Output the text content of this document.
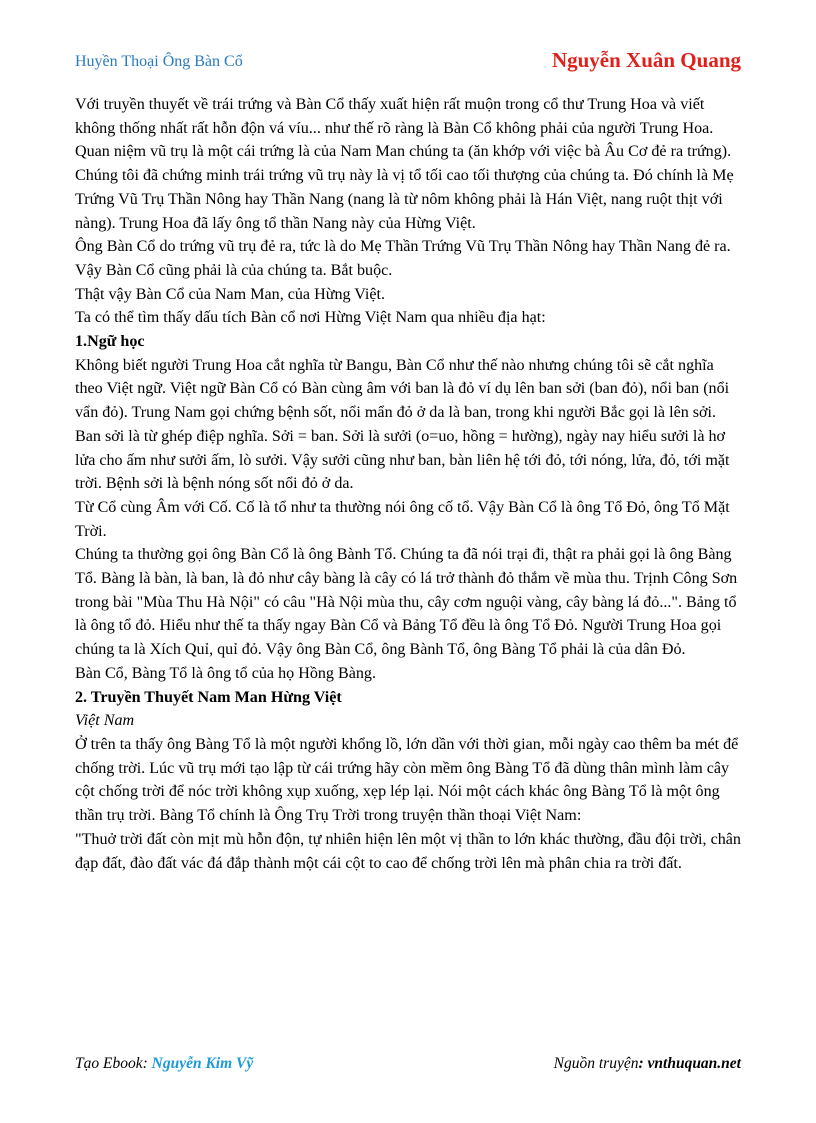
Huyền Thoại Ông Bàn Cổ	Nguyễn Xuân Quang

Với truyền thuyết về trái trứng và Bàn Cổ thấy xuất hiện rất muộn trong cổ thư Trung Hoa và viết không thống nhất rất hỗn độn vá víu... như thế rõ ràng là Bàn Cổ không phải của người Trung Hoa. Quan niệm vũ trụ là một cái trứng là của Nam Man chúng ta (ăn khớp với việc bà Âu Cơ đẻ ra trứng). Chúng tôi đã chứng minh trái trứng vũ trụ này là vị tổ tối cao tối thượng của chúng ta. Đó chính là Mẹ Trứng Vũ Trụ Thần Nông hay Thần Nang (nang là từ nôm không phải là Hán Việt, nang ruột thịt với nàng). Trung Hoa đã lấy ông tổ thần Nang này của Hừng Việt.

Ông Bàn Cổ do trứng vũ trụ đẻ ra, tức là do Mẹ Thần Trứng Vũ Trụ Thần Nông hay Thần Nang đẻ ra. Vậy Bàn Cổ cũng phải là của chúng ta. Bắt buộc.

Thật vậy Bàn Cổ của Nam Man, của Hừng Việt.

Ta có thể tìm thấy dấu tích Bàn cổ nơi Hừng Việt Nam qua nhiều địa hạt:

1.Ngữ học

Không biết người Trung Hoa cắt nghĩa từ Bangu, Bàn Cổ như thế nào nhưng chúng tôi sẽ cắt nghĩa theo Việt ngữ. Việt ngữ Bàn Cổ có Bàn cùng âm với ban là đỏ ví dụ lên ban sởi (ban đỏ), nổi ban (nổi vẩn đỏ). Trung Nam gọi chứng bệnh sốt, nổi mẩn đỏ ở da là ban, trong khi người Bắc gọi là lên sởi. Ban sởi là từ ghép điệp nghĩa. Sởi = ban. Sởi là sưởi (o=uo, hồng = hường), ngày nay hiểu sưởi là hơ lửa cho ấm như sưởi ấm, lò sưởi. Vậy sưởi cũng như ban, bàn liên hệ tới đỏ, tới nóng, lửa, đỏ, tới mặt trời. Bệnh sởi là bệnh nóng sốt nổi đỏ ở da.

Từ Cổ cùng Âm với Cố. Cố là tổ như ta thường nói ông cố tổ. Vậy Bàn Cổ là ông Tổ Đỏ, ông Tổ Mặt Trời.

Chúng ta thường gọi ông Bàn Cổ là ông Bành Tổ. Chúng ta đã nói trại đi, thật ra phải gọi là ông Bàng Tổ. Bàng là bàn, là ban, là đỏ như cây bàng là cây có lá trở thành đỏ thắm về mùa thu. Trịnh Công Sơn trong bài "Mùa Thu Hà Nội" có câu "Hà Nội mùa thu, cây cơm nguội vàng, cây bàng lá đỏ...". Bảng tổ là ông tổ đỏ. Hiểu như thế ta thấy ngay Bàn Cổ và Bảng Tổ đều là ông Tổ Đỏ. Người Trung Hoa gọi chúng ta là Xích Quỉ, quỉ đỏ. Vậy ông Bàn Cổ, ông Bành Tổ, ông Bàng Tổ phải là của dân Đỏ.

Bàn Cổ, Bàng Tổ là ông tổ của họ Hồng Bàng.

2. Truyền Thuyết Nam Man Hừng Việt

Việt Nam

Ở trên ta thấy ông Bàng Tổ là một người khổng lồ, lớn dần với thời gian, mỗi ngày cao thêm ba mét để chống trời. Lúc vũ trụ mới tạo lập từ cái trứng hãy còn mềm ông Bàng Tổ đã dùng thân mình làm cây cột chống trời để nóc trời không xụp xuống, xẹp lép lại. Nói một cách khác ông Bàng Tổ là một ông thần trụ trời. Bàng Tổ chính là Ông Trụ Trời trong truyện thần thoại Việt Nam:

"Thuở trời đất còn mịt mù hỗn độn, tự nhiên hiện lên một vị thần to lớn khác thường, đầu đội trời, chân đạp đất, đào đất vác đá đắp thành một cái cột to cao để chống trời lên mà phân chia ra trời đất.

Tạo Ebook: Nguyễn Kim Vỹ	Nguồn truyện: vnthuquan.net
